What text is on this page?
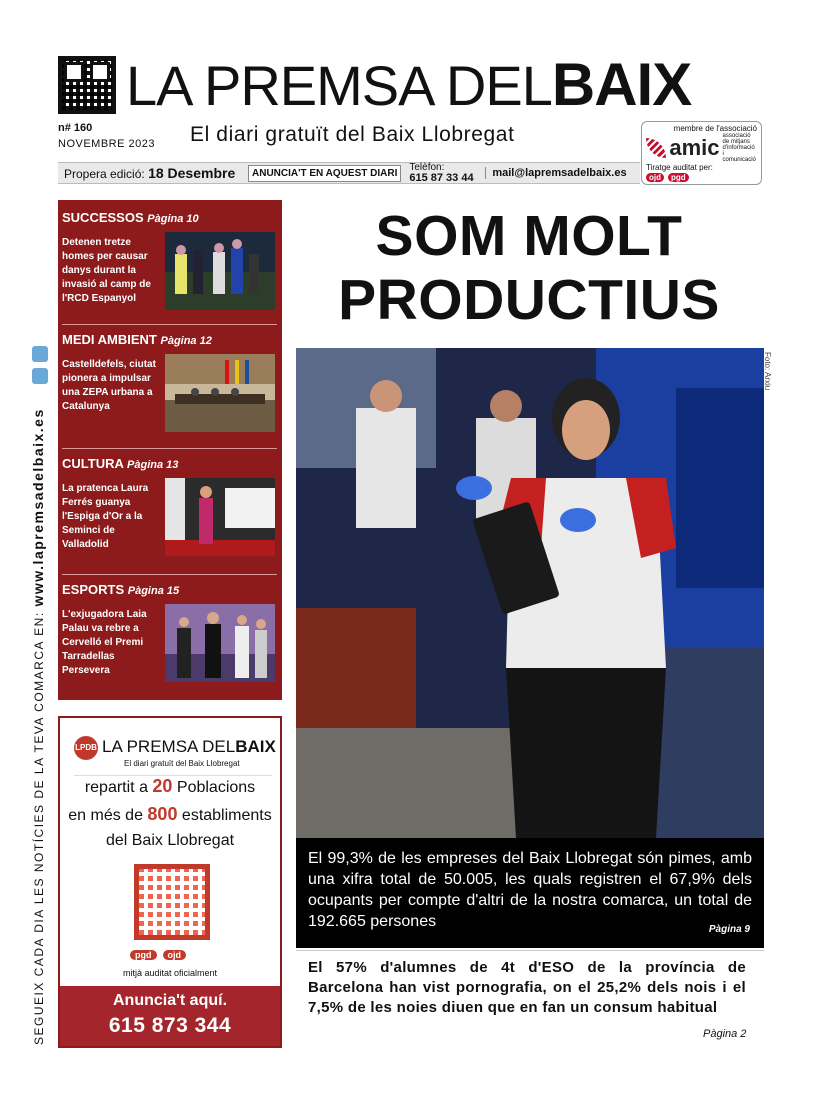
LA PREMSA DEL BAIX
n# 160
NOVEMBRE 2023 El diari gratuït del Baix Llobregat	membre de l'associació
amic associació de mitjans d'informació i comunicació
Tiratge auditat per:
ojd	pgd
Propera edició: 18 Desembre	ANUNCIA'T EN AQUEST DIARI
Telèfon:
615 87 33 44	mail@lapremsadelbaix.es
SEGUEIX CADA DIA LES NOTÍCIES DE LA TEVA COMARCA EN: www.lapremsadelbaix.es
SUCCESSOS Pàgina 10
Detenen tretze homes per causar danys durant la invasió al camp de l'RCD Espanyol
MEDI AMBIENT Pàgina 12
Castelldefels, ciutat pionera a impulsar una ZEPA urbana a Catalunya
CULTURA Pàgina 13
La pratenca Laura Ferrés guanya l'Espiga d'Or a la Seminci de Valladolid
ESPORTS Pàgina 15
L'exjugadora Laia Palau va rebre a Cervelló el Premi Tarradellas Persevera
LPDB LA PREMSA DELBAIX
El diari gratuït del Baix Llobregat
repartit a 20 Poblacions
en més de 800 establiments
del Baix Llobregat
pgd	ojd
mitjà auditat oficialment
Anuncia't aquí.
615 873 344
SOM MOLT
PRODUCTIUS
Foto: Arxiu
El 99,3% de les empreses del Baix Llobregat són pimes, amb una xifra total de 50.005, les quals registren el 67,9% dels ocupants per compte d'altri de la nostra comarca, un total de 192.665 persones	Pàgina 9
El 57% d'alumnes de 4t d'ESO de la província de Barcelona han vist pornografia, on el 25,2% dels nois i el 7,5% de les noies diuen que en fan un consum habitual
Pàgina 2
